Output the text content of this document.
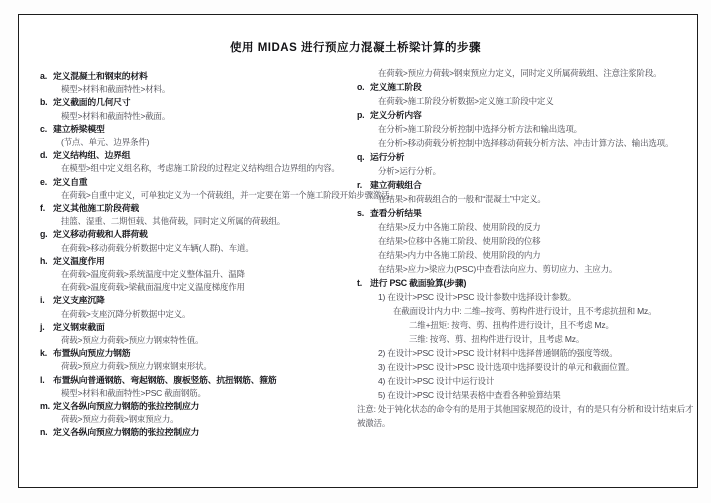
使用 MIDAS 进行预应力混凝土桥梁计算的步骤
a. 定义混凝土和钢束的材料
模型>材料和截面特性>材料。
b. 定义截面的几何尺寸
模型>材料和截面特性>截面。
c. 建立桥梁模型
(节点、单元、边界条件)
d. 定义结构组、边界组
在模型>组中定义组名称，考虑施工阶段的过程定义结构组合边界组的内容。
e. 定义自重
在荷载>自重中定义，可单独定义为一个荷载组，并一定要在第一个施工阶段开始步骤激活。
f. 定义其他施工阶段荷载
挂篮、湿重、二期恒载、其他荷载，同时定义所属的荷载组。
g. 定义移动荷载和人群荷载
在荷载>移动荷载分析数据中定义车辆(人群)、车道。
h. 定义温度作用
在荷载>温度荷载>系统温度中定义整体温升、温降
在荷载>温度荷载>梁截面温度中定义温度梯度作用
i. 定义支座沉降
在荷载>支座沉降分析数据中定义。
j. 定义钢束截面
荷载>预应力荷载>预应力钢束特性值。
k. 布置纵向预应力钢筋
荷载>预应力荷载>预应力钢束钢束形状。
l. 布置纵向普通钢筋、弯起钢筋、腹板竖筋、抗扭钢筋、箍筋
模型>材料和截面特性>PSC 截面钢筋。
m. 定义各纵向预应力钢筋的张拉控制应力
荷载>预应力荷载>钢束预应力。
n. 定义各纵向预应力钢筋的张拉控制应力
在荷载>预应力荷载>钢束预应力定义，同时定义所属荷载组、注意注浆阶段。
o. 定义施工阶段
在荷载>施工阶段分析数据>定义施工阶段中定义
p. 定义分析内容
在分析>施工阶段分析控制中选择分析方法和输出选项。
在分析>移动荷载分析控制中选择移动荷载分析方法、冲击计算方法、输出选项。
q. 运行分析
分析>运行分析。
r. 建立荷载组合
在结果>和荷载组合的一般和“混凝土”中定义。
s. 查看分析结果
在结果>反力中各施工阶段、使用阶段的反力
在结果>位移中各施工阶段、使用阶段的位移
在结果>内力中各施工阶段、使用阶段的内力
在结果>应力>梁应力(PSC)中查看法向应力、剪切应力、主应力。
t. 进行 PSC 截面验算(步骤)
1) 在设计>PSC 设计>PSC 设计参数中选择设计参数。
在截面设计内力中: 二维--按弯、剪构件进行设计，且不考虑抗扭和 Mz。
二维+扭矩: 按弯、剪、扭构件进行设计，且不考虑 Mz。
三维: 按弯、剪、扭构件进行设计，且考虑 Mz。
2) 在设计>PSC 设计>PSC 设计材料中选择普通钢筋的强度等级。
3) 在设计>PSC 设计>PSC 设计选项中选择要设计的单元和截面位置。
4) 在设计>PSC 设计中运行设计
5) 在设计>PSC 设计结果表格中查看各种验算结果
注意: 处于钝化状态的命令有的是用于其他国家规范的设计，有的是只有分析和设计结束后才
被激活。
